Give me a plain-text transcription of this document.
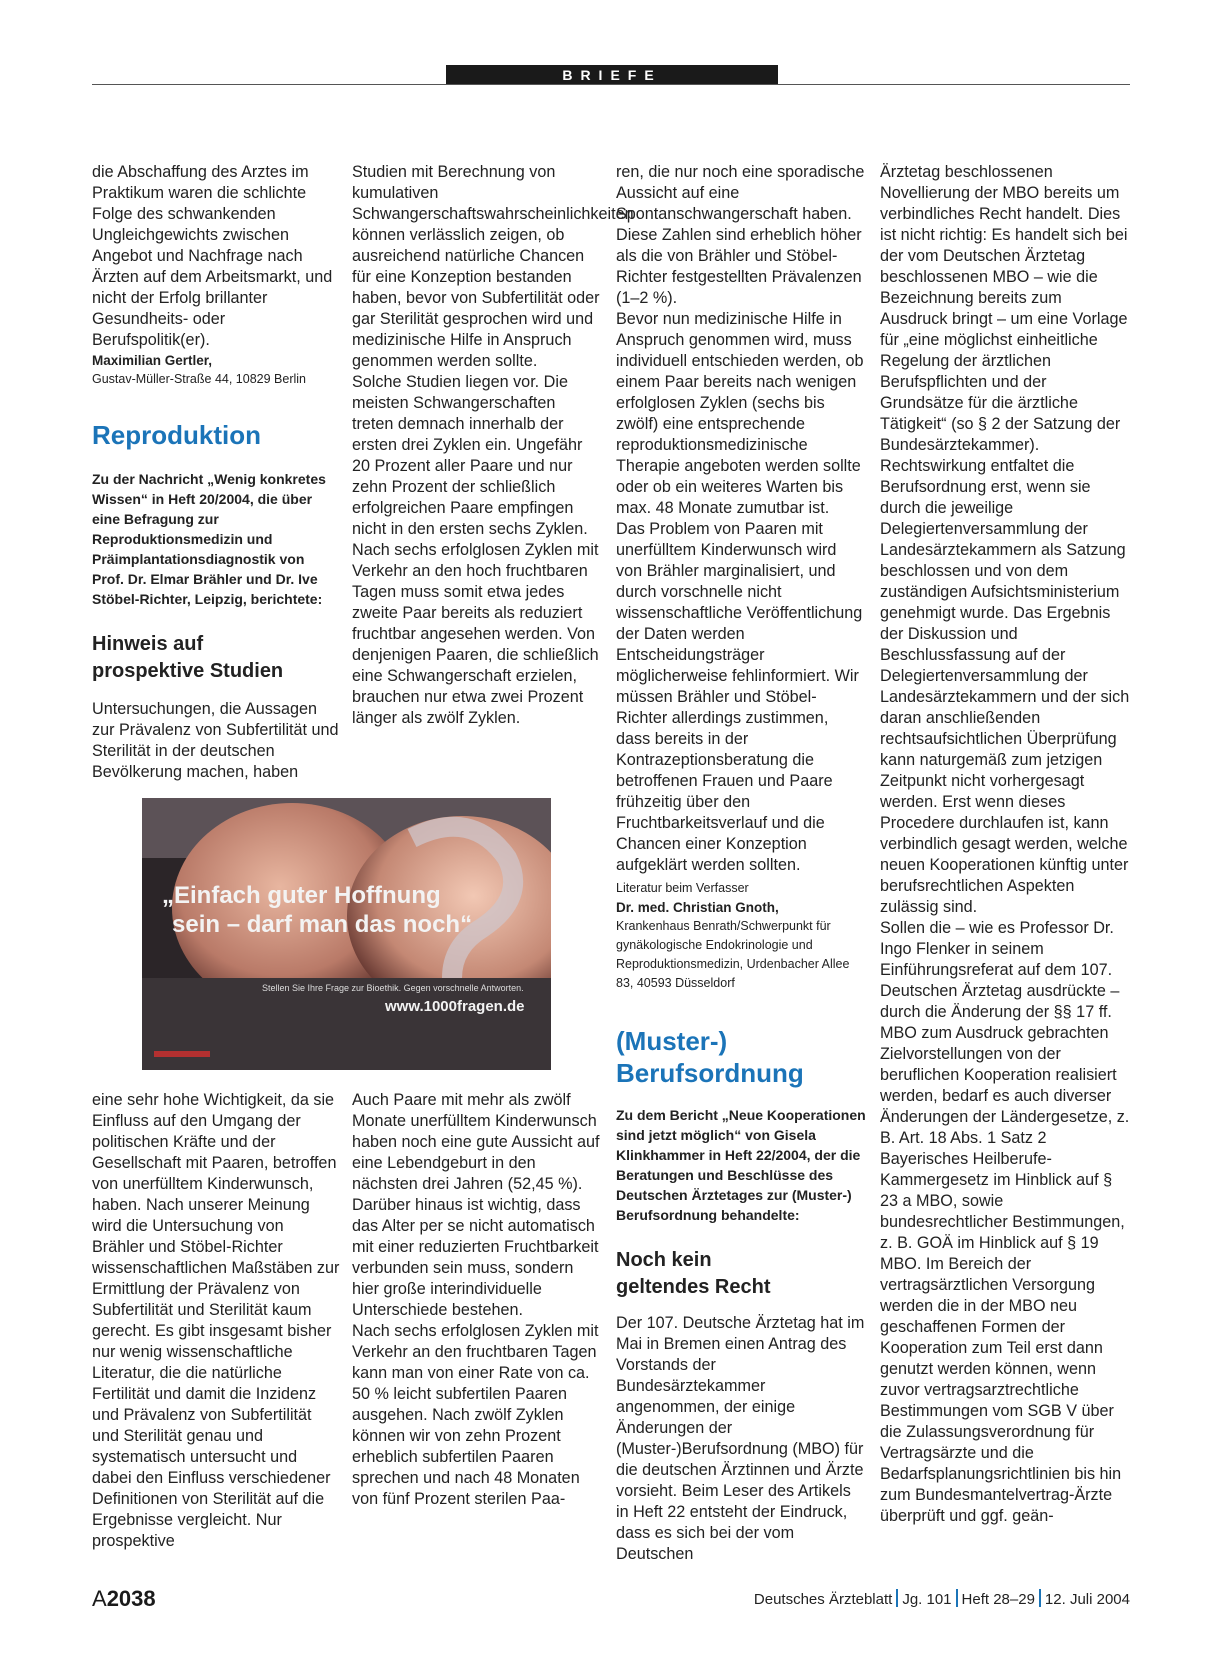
BRIEFE

die Abschaffung des Arztes im Praktikum waren die schlichte Folge des schwankenden Ungleichgewichts zwischen Angebot und Nachfrage nach Ärzten auf dem Arbeitsmarkt, und nicht der Erfolg brillanter Gesundheits- oder Berufspolitik(er).

Maximilian Gertler,
Gustav-Müller-Straße 44, 10829 Berlin
Reproduktion
Zu der Nachricht „Wenig konkretes Wissen“ in Heft 20/2004, die über eine Befragung zur Reproduktionsmedizin und Präimplantationsdiagnostik von Prof. Dr. Elmar Brähler und Dr. Ive Stöbel-Richter, Leipzig, berichtete:
Hinweis auf
prospektive Studien

Untersuchungen, die Aussagen zur Prävalenz von Subfertilität und Sterilität in der deutschen Bevölkerung machen, haben

Studien mit Berechnung von kumulativen Schwangerschaftswahrscheinlichkeiten können verlässlich zeigen, ob ausreichend natürliche Chancen für eine Konzeption bestanden haben, bevor von Subfertilität oder gar Sterilität gesprochen wird und medizinische Hilfe in Anspruch genommen werden sollte.

Solche Studien liegen vor. Die meisten Schwangerschaften treten demnach innerhalb der ersten drei Zyklen ein. Ungefähr 20 Prozent aller Paare und nur zehn Prozent der schließlich erfolgreichen Paare empfingen nicht in den ersten sechs Zyklen. Nach sechs erfolglosen Zyklen mit Verkehr an den hoch fruchtbaren Tagen muss somit etwa jedes zweite Paar bereits als reduziert fruchtbar angesehen werden. Von denjenigen Paaren, die schließlich eine Schwangerschaft erzielen, brauchen nur etwa zwei Prozent länger als zwölf Zyklen.

„Einfach guter Hoffnung
sein – darf man das noch“
Stellen Sie Ihre Frage zur Bioethik. Gegen vorschnelle Antworten.
www.1000fragen.de

eine sehr hohe Wichtigkeit, da sie Einfluss auf den Umgang der politischen Kräfte und der Gesellschaft mit Paaren, betroffen von unerfülltem Kinderwunsch, haben. Nach unserer Meinung wird die Untersuchung von Brähler und Stöbel-Richter wissenschaftlichen Maßstäben zur Ermittlung der Prävalenz von Subfertilität und Sterilität kaum gerecht. Es gibt insgesamt bisher nur wenig wissenschaftliche Literatur, die die natürliche Fertilität und damit die Inzidenz und Prävalenz von Subfertilität und Sterilität genau und systematisch untersucht und dabei den Einfluss verschiedener Definitionen von Sterilität auf die Ergebnisse vergleicht. Nur prospektive

Auch Paare mit mehr als zwölf Monate unerfülltem Kinderwunsch haben noch eine gute Aussicht auf eine Lebendgeburt in den nächsten drei Jahren (52,45 %). Darüber hinaus ist wichtig, dass das Alter per se nicht automatisch mit einer reduzierten Fruchtbarkeit verbunden sein muss, sondern hier große interindividuelle Unterschiede bestehen.

Nach sechs erfolglosen Zyklen mit Verkehr an den fruchtbaren Tagen kann man von einer Rate von ca. 50 % leicht subfertilen Paaren ausgehen. Nach zwölf Zyklen können wir von zehn Prozent erheblich subfertilen Paaren sprechen und nach 48 Monaten von fünf Prozent sterilen Paa-

ren, die nur noch eine sporadische Aussicht auf eine Spontanschwangerschaft haben. Diese Zahlen sind erheblich höher als die von Brähler und Stöbel-Richter festgestellten Prävalenzen (1–2 %).

Bevor nun medizinische Hilfe in Anspruch genommen wird, muss individuell entschieden werden, ob einem Paar bereits nach wenigen erfolglosen Zyklen (sechs bis zwölf) eine entsprechende reproduktionsmedizinische Therapie angeboten werden sollte oder ob ein weiteres Warten bis max. 48 Monate zumutbar ist.

Das Problem von Paaren mit unerfülltem Kinderwunsch wird von Brähler marginalisiert, und durch vorschnelle nicht wissenschaftliche Veröffentlichung der Daten werden Entscheidungsträger möglicherweise fehlinformiert. Wir müssen Brähler und Stöbel-Richter allerdings zustimmen, dass bereits in der Kontrazeptionsberatung die betroffenen Frauen und Paare frühzeitig über den Fruchtbarkeitsverlauf und die Chancen einer Konzeption aufgeklärt werden sollten.

Literatur beim Verfasser
Dr. med. Christian Gnoth,
Krankenhaus Benrath/Schwerpunkt für gynäkologische Endokrinologie und Reproduktionsmedizin, Urdenbacher Allee 83, 40593 Düsseldorf
(Muster-)
Berufsordnung
Zu dem Bericht „Neue Kooperationen sind jetzt möglich“ von Gisela Klinkhammer in Heft 22/2004, der die Beratungen und Beschlüsse des Deutschen Ärztetages zur (Muster-) Berufsordnung behandelte:
Noch kein
geltendes Recht

Der 107. Deutsche Ärztetag hat im Mai in Bremen einen Antrag des Vorstands der Bundesärztekammer angenommen, der einige Änderungen der (Muster-)Berufsordnung (MBO) für die deutschen Ärztinnen und Ärzte vorsieht. Beim Leser des Artikels in Heft 22 entsteht der Eindruck, dass es sich bei der vom Deutschen

Ärztetag beschlossenen Novellierung der MBO bereits um verbindliches Recht handelt. Dies ist nicht richtig: Es handelt sich bei der vom Deutschen Ärztetag beschlossenen MBO – wie die Bezeichnung bereits zum Ausdruck bringt – um eine Vorlage für „eine möglichst einheitliche Regelung der ärztlichen Berufspflichten und der Grundsätze für die ärztliche Tätigkeit“ (so § 2 der Satzung der Bundesärztekammer). Rechtswirkung entfaltet die Berufsordnung erst, wenn sie durch die jeweilige Delegiertenversammlung der Landesärztekammern als Satzung beschlossen und von dem zuständigen Aufsichtsministerium genehmigt wurde. Das Ergebnis der Diskussion und Beschlussfassung auf der Delegiertenversammlung der Landesärztekammern und der sich daran anschließenden rechtsaufsichtlichen Überprüfung kann naturgemäß zum jetzigen Zeitpunkt nicht vorhergesagt werden. Erst wenn dieses Procedere durchlaufen ist, kann verbindlich gesagt werden, welche neuen Kooperationen künftig unter berufsrechtlichen Aspekten zulässig sind.

Sollen die – wie es Professor Dr. Ingo Flenker in seinem Einführungsreferat auf dem 107. Deutschen Ärztetag ausdrückte – durch die Änderung der §§ 17 ff. MBO zum Ausdruck gebrachten Zielvorstellungen von der beruflichen Kooperation realisiert werden, bedarf es auch diverser Änderungen der Ländergesetze, z. B. Art. 18 Abs. 1 Satz 2 Bayerisches Heilberufe-Kammergesetz im Hinblick auf § 23 a MBO, sowie bundesrechtlicher Bestimmungen, z. B. GOÄ im Hinblick auf § 19 MBO. Im Bereich der vertragsärztlichen Versorgung werden die in der MBO neu geschaffenen Formen der Kooperation zum Teil erst dann genutzt werden können, wenn zuvor vertragsarztrechtliche Bestimmungen vom SGB V über die Zulassungsverordnung für Vertragsärzte und die Bedarfsplanungsrichtlinien bis hin zum Bundesmantelvertrag-Ärzte überprüft und ggf. geän-

A2038	Deutsches Ärzteblatt Jg. 101 Heft 28–29 12. Juli 2004
